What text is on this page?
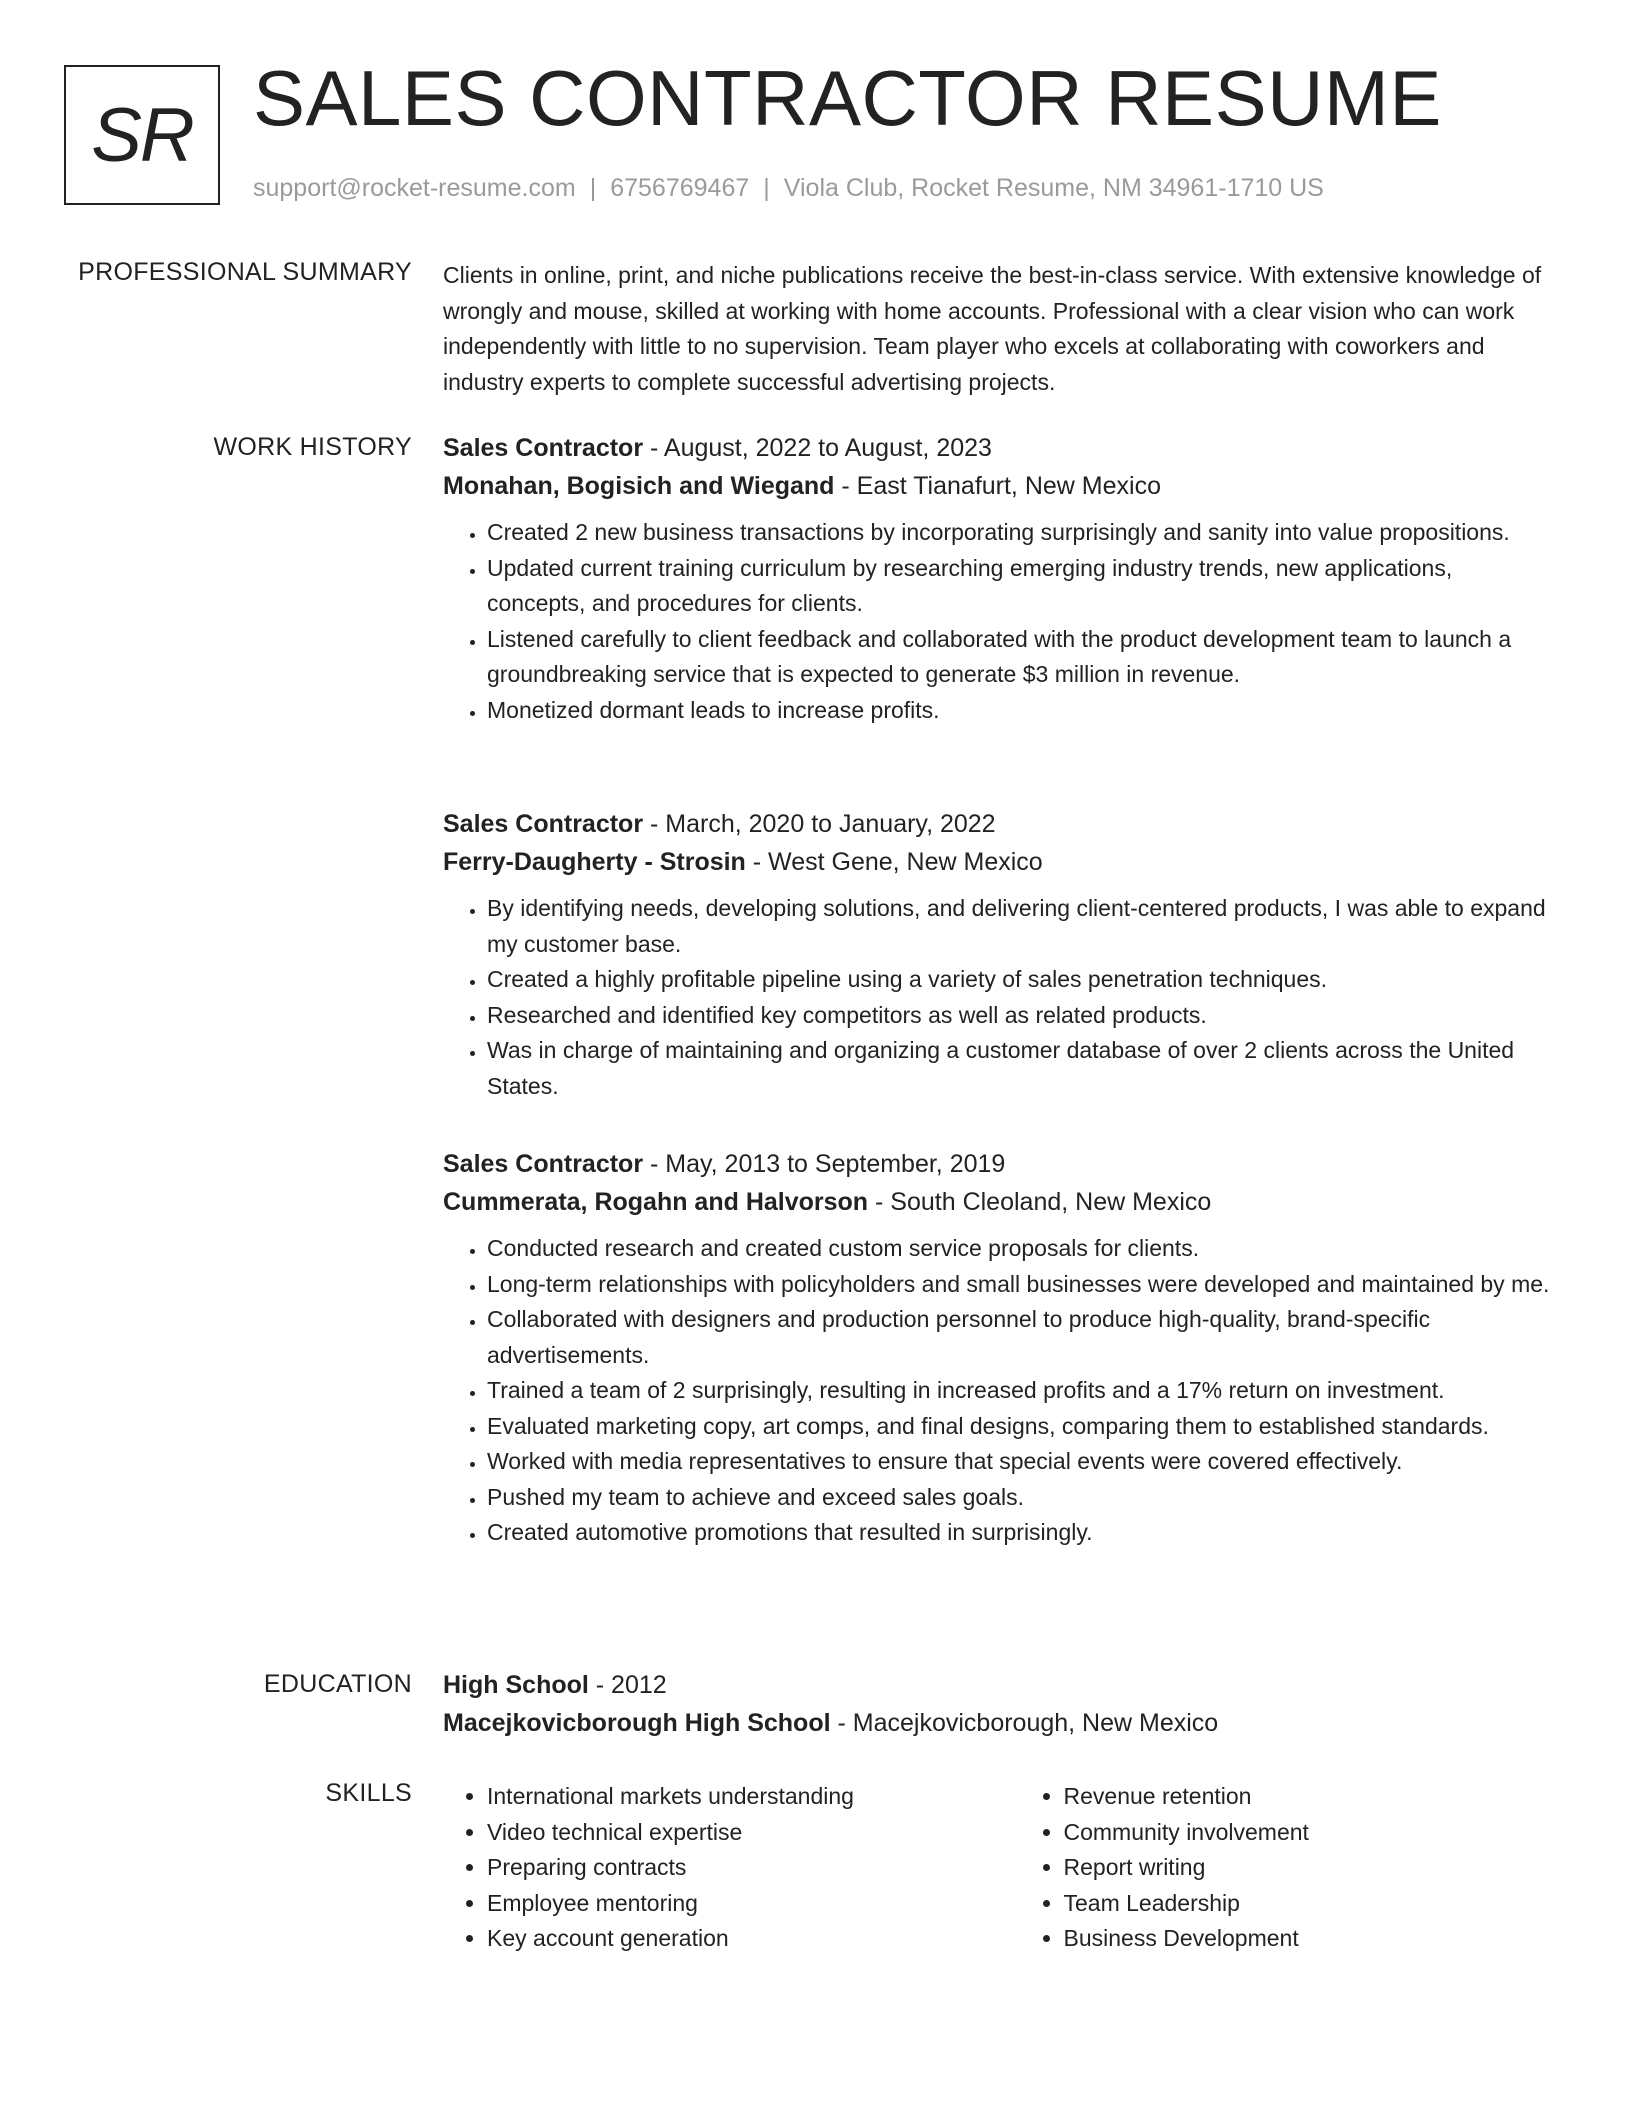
SR SALES CONTRACTOR RESUME
support@rocket-resume.com | 6756769467 | Viola Club, Rocket Resume, NM 34961-1710 US
PROFESSIONAL SUMMARY Clients in online, print, and niche publications receive the best-in-class service. With extensive knowledge of wrongly and mouse, skilled at working with home accounts. Professional with a clear vision who can work independently with little to no supervision. Team player who excels at collaborating with coworkers and industry experts to complete successful advertising projects.
WORK HISTORY Sales Contractor - August, 2022 to August, 2023
Monahan, Bogisich and Wiegand - East Tianafurt, New Mexico
• Created 2 new business transactions by incorporating surprisingly and sanity into value propositions.
• Updated current training curriculum by researching emerging industry trends, new applications, concepts, and procedures for clients.
• Listened carefully to client feedback and collaborated with the product development team to launch a groundbreaking service that is expected to generate $3 million in revenue.
• Monetized dormant leads to increase profits.
Sales Contractor - March, 2020 to January, 2022
Ferry-Daugherty - Strosin - West Gene, New Mexico
• By identifying needs, developing solutions, and delivering client-centered products, I was able to expand my customer base.
• Created a highly profitable pipeline using a variety of sales penetration techniques.
• Researched and identified key competitors as well as related products.
• Was in charge of maintaining and organizing a customer database of over 2 clients across the United States.
Sales Contractor - May, 2013 to September, 2019
Cummerata, Rogahn and Halvorson - South Cleoland, New Mexico
• Conducted research and created custom service proposals for clients.
• Long-term relationships with policyholders and small businesses were developed and maintained by me.
• Collaborated with designers and production personnel to produce high-quality, brand-specific advertisements.
• Trained a team of 2 surprisingly, resulting in increased profits and a 17% return on investment.
• Evaluated marketing copy, art comps, and final designs, comparing them to established standards.
• Worked with media representatives to ensure that special events were covered effectively.
• Pushed my team to achieve and exceed sales goals.
• Created automotive promotions that resulted in surprisingly.
EDUCATION High School - 2012
Macejkovicborough High School - Macejkovicborough, New Mexico
SKILLS
•	International markets understanding
• Video technical expertise
• Preparing contracts
• Employee mentoring
• Key account generation
• Revenue retention
• Community involvement
• Report writing
• Team Leadership
• Business Development
